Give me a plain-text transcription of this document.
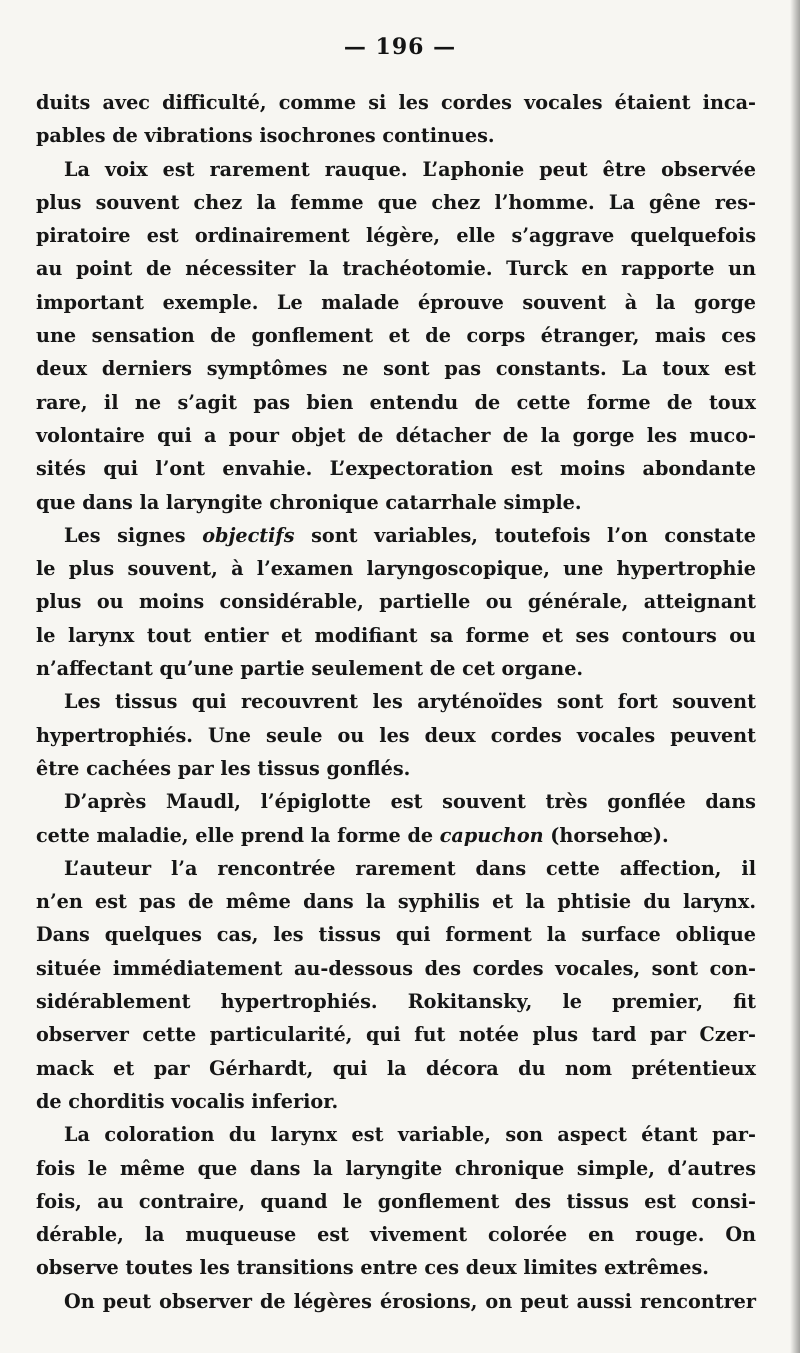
— 196 —
duits avec difficulté, comme si les cordes vocales étaient inca-
pables de vibrations isochrones continues.
La voix est rarement rauque. L’aphonie peut être observée
plus souvent chez la femme que chez l’homme. La gêne res-
piratoire est ordinairement légère, elle s’aggrave quelquefois
au point de nécessiter la trachéotomie. Turck en rapporte un
important exemple. Le malade éprouve souvent à la gorge
une sensation de gonflement et de corps étranger, mais ces
deux derniers symptômes ne sont pas constants. La toux est
rare, il ne s’agit pas bien entendu de cette forme de toux
volontaire qui a pour objet de détacher de la gorge les muco-
sités qui l’ont envahie. L’expectoration est moins abondante
que dans la laryngite chronique catarrhale simple.
Les signes objectifs sont variables, toutefois l’on constate
le plus souvent, à l’examen laryngoscopique, une hypertrophie
plus ou moins considérable, partielle ou générale, atteignant
le larynx tout entier et modifiant sa forme et ses contours ou
n’affectant qu’une partie seulement de cet organe.
Les tissus qui recouvrent les aryténoïdes sont fort souvent
hypertrophiés. Une seule ou les deux cordes vocales peuvent
être cachées par les tissus gonflés.
D’après Maudl, l’épiglotte est souvent très gonflée dans
cette maladie, elle prend la forme de capuchon (horsehœ).
L’auteur l’a rencontrée rarement dans cette affection, il
n’en est pas de même dans la syphilis et la phtisie du larynx.
Dans quelques cas, les tissus qui forment la surface oblique
située immédiatement au-dessous des cordes vocales, sont con-
sidérablement hypertrophiés. Rokitansky, le premier, fit
observer cette particularité, qui fut notée plus tard par Czer-
mack et par Gérhardt, qui la décora du nom prétentieux
de chorditis vocalis inferior.
La coloration du larynx est variable, son aspect étant par-
fois le même que dans la laryngite chronique simple, d’autres
fois, au contraire, quand le gonflement des tissus est consi-
dérable, la muqueuse est vivement colorée en rouge. On
observe toutes les transitions entre ces deux limites extrêmes.
On peut observer de légères érosions, on peut aussi rencontrer
